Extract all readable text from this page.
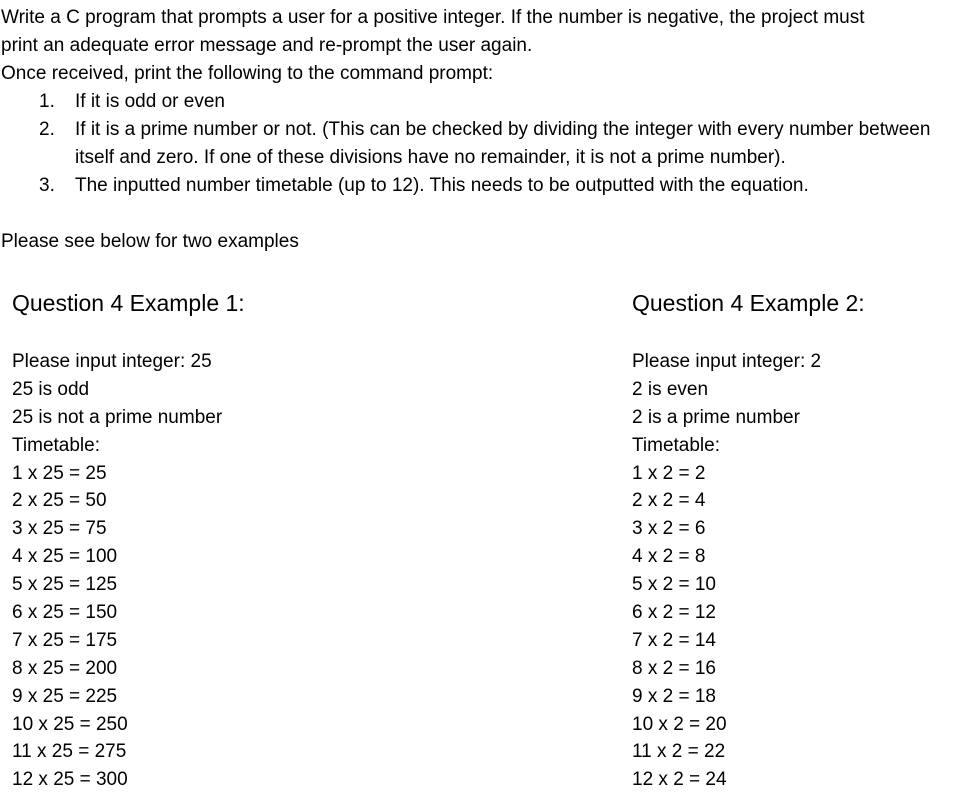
Write a C program that prompts a user for a positive integer. If the number is negative, the project must

print an adequate error message and re-prompt the user again.

Once received, print the following to the command prompt:

1. If it is odd or even
2. If it is a prime number or not. (This can be checked by dividing the integer with every number between itself and zero. If one of these divisions have no remainder, it is not a prime number).
3. The inputted number timetable (up to 12). This needs to be outputted with the equation.
Please see below for two examples
Question 4 Example 1:
Please input integer: 25
25 is odd
25 is not a prime number
Timetable:
1 x 25 = 25
2 x 25 = 50
3 x 25 = 75
4 x 25 = 100
5 x 25 = 125
6 x 25 = 150
7 x 25 = 175
8 x 25 = 200
9 x 25 = 225
10 x 25 = 250
11 x 25 = 275
12 x 25 = 300
Question 4 Example 2:
Please input integer: 2
2 is even
2 is a prime number
Timetable:
1 x 2 = 2
2 x 2 = 4
3 x 2 = 6
4 x 2 = 8
5 x 2 = 10
6 x 2 = 12
7 x 2 = 14
8 x 2 = 16
9 x 2 = 18
10 x 2 = 20
11 x 2 = 22
12 x 2 = 24
